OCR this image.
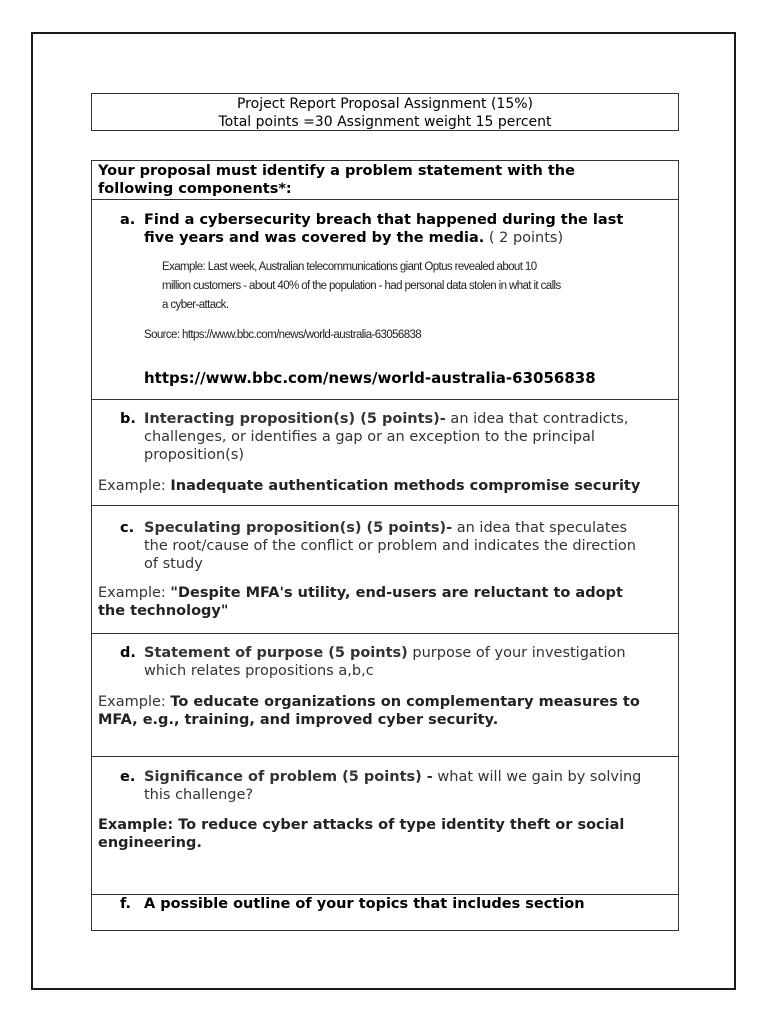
Project Report Proposal Assignment (15%)
Total points =30 Assignment weight 15 percent
Your proposal must identify a problem statement with the
following components*:
a. Find a cybersecurity breach that happened during the last
five years and was covered by the media. ( 2 points)
Example: Last week, Australian telecommunications giant Optus revealed about 10
million customers - about 40% of the population - had personal data stolen in what it calls
a cyber-attack.
Source: https://www.bbc.com/news/world-australia-63056838
https://www.bbc.com/news/world-australia-63056838
b. Interacting proposition(s) (5 points)- an idea that contradicts,
challenges, or identifies a gap or an exception to the principal
proposition(s)
Example: Inadequate authentication methods compromise security
c. Speculating proposition(s) (5 points)- an idea that speculates
the root/cause of the conflict or problem and indicates the direction
of study
Example: "Despite MFA's utility, end-users are reluctant to adopt
the technology"
d. Statement of purpose (5 points) purpose of your investigation
which relates propositions a,b,c
Example: To educate organizations on complementary measures to
MFA, e.g., training, and improved cyber security.
e. Significance of problem (5 points) - what will we gain by solving
this challenge?
Example: To reduce cyber attacks of type identity theft or social
engineering.
f. A possible outline of your topics that includes section
